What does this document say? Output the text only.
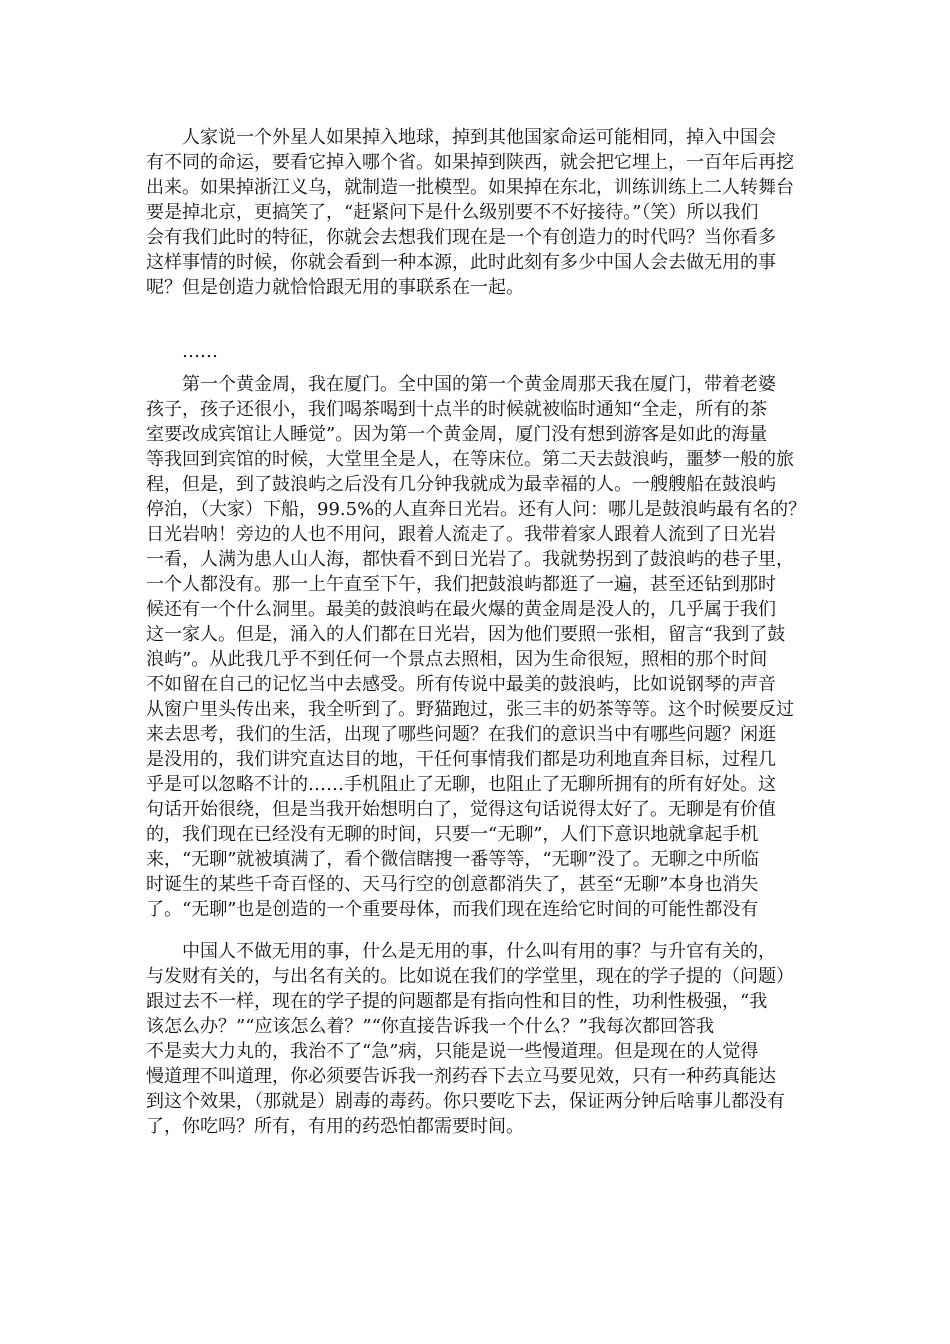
人家说一个外星人如果掉入地球，掉到其他国家命运可能相同，掉入中国会
有不同的命运，要看它掉入哪个省。如果掉到陕西，就会把它埋上，一百年后再挖
出来。如果掉浙江义乌，就制造一批模型。如果掉在东北，训练训练上二人转舞台
要是掉北京，更搞笑了，“赶紧问下是什么级别要不不好接待。”（笑）所以我们
会有我们此时的特征，你就会去想我们现在是一个有创造力的时代吗？当你看多
这样事情的时候，你就会看到一种本源，此时此刻有多少中国人会去做无用的事
呢？但是创造力就恰恰跟无用的事联系在一起。
……
第一个黄金周，我在厦门。全中国的第一个黄金周那天我在厦门，带着老婆
孩子，孩子还很小，我们喝茶喝到十点半的时候就被临时通知“全走，所有的茶
室要改成宾馆让人睡觉”。因为第一个黄金周，厦门没有想到游客是如此的海量
等我回到宾馆的时候，大堂里全是人，在等床位。第二天去鼓浪屿，噩梦一般的旅
程，但是，到了鼓浪屿之后没有几分钟我就成为最幸福的人。一艘艘船在鼓浪屿
停泊，（大家）下船，99.5%的人直奔日光岩。还有人问：哪儿是鼓浪屿最有名的？
日光岩呐！旁边的人也不用问，跟着人流走了。我带着家人跟着人流到了日光岩
一看，人满为患人山人海，都快看不到日光岩了。我就势拐到了鼓浪屿的巷子里，
一个人都没有。那一上午直至下午，我们把鼓浪屿都逛了一遍，甚至还钻到那时
候还有一个什么洞里。最美的鼓浪屿在最火爆的黄金周是没人的，几乎属于我们
这一家人。但是，涌入的人们都在日光岩，因为他们要照一张相，留言“我到了鼓
浪屿”。从此我几乎不到任何一个景点去照相，因为生命很短，照相的那个时间
不如留在自己的记忆当中去感受。所有传说中最美的鼓浪屿，比如说钢琴的声音
从窗户里头传出来，我全听到了。野猫跑过，张三丰的奶茶等等。这个时候要反过
来去思考，我们的生活，出现了哪些问题？在我们的意识当中有哪些问题？闲逛
是没用的，我们讲究直达目的地，干任何事情我们都是功利地直奔目标，过程几
乎是可以忽略不计的……手机阻止了无聊，也阻止了无聊所拥有的所有好处。这
句话开始很绕，但是当我开始想明白了，觉得这句话说得太好了。无聊是有价值
的，我们现在已经没有无聊的时间，只要一“无聊”，人们下意识地就拿起手机
来，“无聊”就被填满了，看个微信瞎搜一番等等，“无聊”没了。无聊之中所临
时诞生的某些千奇百怪的、天马行空的创意都消失了，甚至“无聊”本身也消失
了。“无聊”也是创造的一个重要母体，而我们现在连给它时间的可能性都没有
中国人不做无用的事，什么是无用的事，什么叫有用的事？与升官有关的，
与发财有关的，与出名有关的。比如说在我们的学堂里，现在的学子提的（问题）
跟过去不一样，现在的学子提的问题都是有指向性和目的性，功利性极强，“我
该怎么办？”“应该怎么着？”“你直接告诉我一个什么？”我每次都回答我
不是卖大力丸的，我治不了“急”病，只能是说一些慢道理。但是现在的人觉得
慢道理不叫道理，你必须要告诉我一剂药吞下去立马要见效，只有一种药真能达
到这个效果，（那就是）剧毒的毒药。你只要吃下去，保证两分钟后啥事儿都没有
了，你吃吗？所有，有用的药恐怕都需要时间。
